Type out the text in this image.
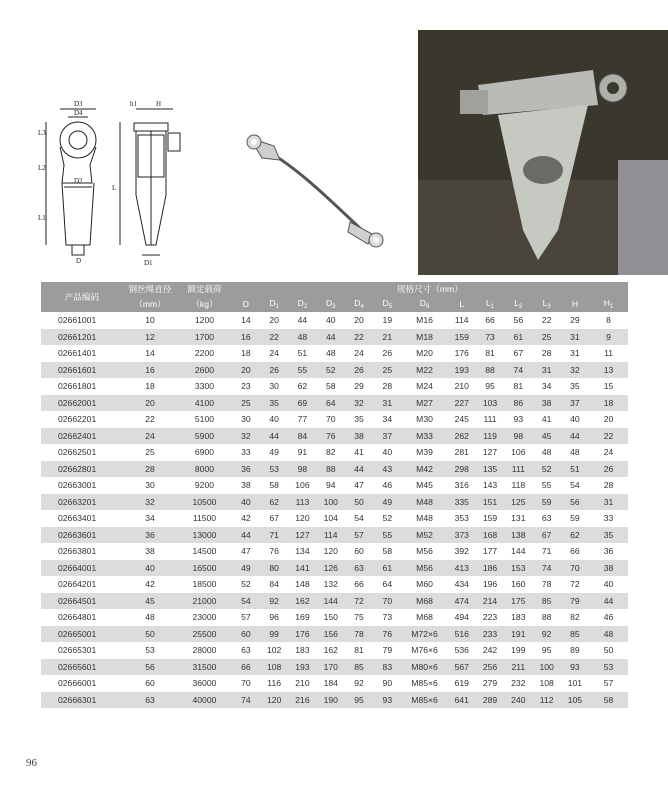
D3
D4
D2
D
L3
L2
L1
h1	H
L
D1
产品编码	钢丝绳直径	额定载荷	规格尺寸（mm）												
	（mm）	（kg）	D	$D_1$	$D_2$	$D_3$	$D_4$	$D_5$	$D_6$	L	$L_1$	$L_2$	$L_3$	H	$H_1$
02661001	10	1200	14	20	44	40	20	19	M16	114	66	56	22	29	8
02661201	12	1700	16	22	48	44	22	21	M18	159	73	61	25	31	9
02661401	14	2200	18	24	51	48	24	26	M20	176	81	67	28	31	11
02661601	16	2600	20	26	55	52	26	25	M22	193	88	74	31	32	13
02661801	18	3300	23	30	62	58	29	28	M24	210	95	81	34	35	15
02662001	20	4100	25	35	69	64	32	31	M27	227	103	86	38	37	18
02662201	22	5100	30	40	77	70	35	34	M30	245	111	93	41	40	20
02662401	24	5900	32	44	84	76	38	37	M33	262	119	98	45	44	22
02662501	25	6900	33	49	91	82	41	40	M39	281	127	106	48	48	24
02662801	28	8000	36	53	98	88	44	43	M42	298	135	111	52	51	26
02663001	30	9200	38	58	106	94	47	46	M45	316	143	118	55	54	28
02663201	32	10500	40	62	113	100	50	49	M48	335	151	125	59	56	31
02663401	34	11500	42	67	120	104	54	52	M48	353	159	131	63	59	33
02663601	36	13000	44	71	127	114	57	55	M52	373	168	138	67	62	35
02663801	38	14500	47	76	134	120	60	58	M56	392	177	144	71	66	36
02664001	40	16500	49	80	141	126	63	61	M56	413	186	153	74	70	38
02664201	42	18500	52	84	148	132	66	64	M60	434	196	160	78	72	40
02664501	45	21000	54	92	162	144	72	70	M68	474	214	175	85	79	44
02664801	48	23000	57	96	169	150	75	73	M68	494	223	183	88	82	46
02665001	50	25500	60	99	176	156	78	76	M72×6	516	233	191	92	85	48
02665301	53	28000	63	102	183	162	81	79	M76×6	536	242	199	95	89	50
02665601	56	31500	66	108	193	170	85	83	M80×6	567	256	211	100	93	53
02666001	60	36000	70	116	210	184	92	90	M85×6	619	279	232	108	101	57
02666301	63	40000	74	120	216	190	95	93	M85×6	641	289	240	112	105	58
96
